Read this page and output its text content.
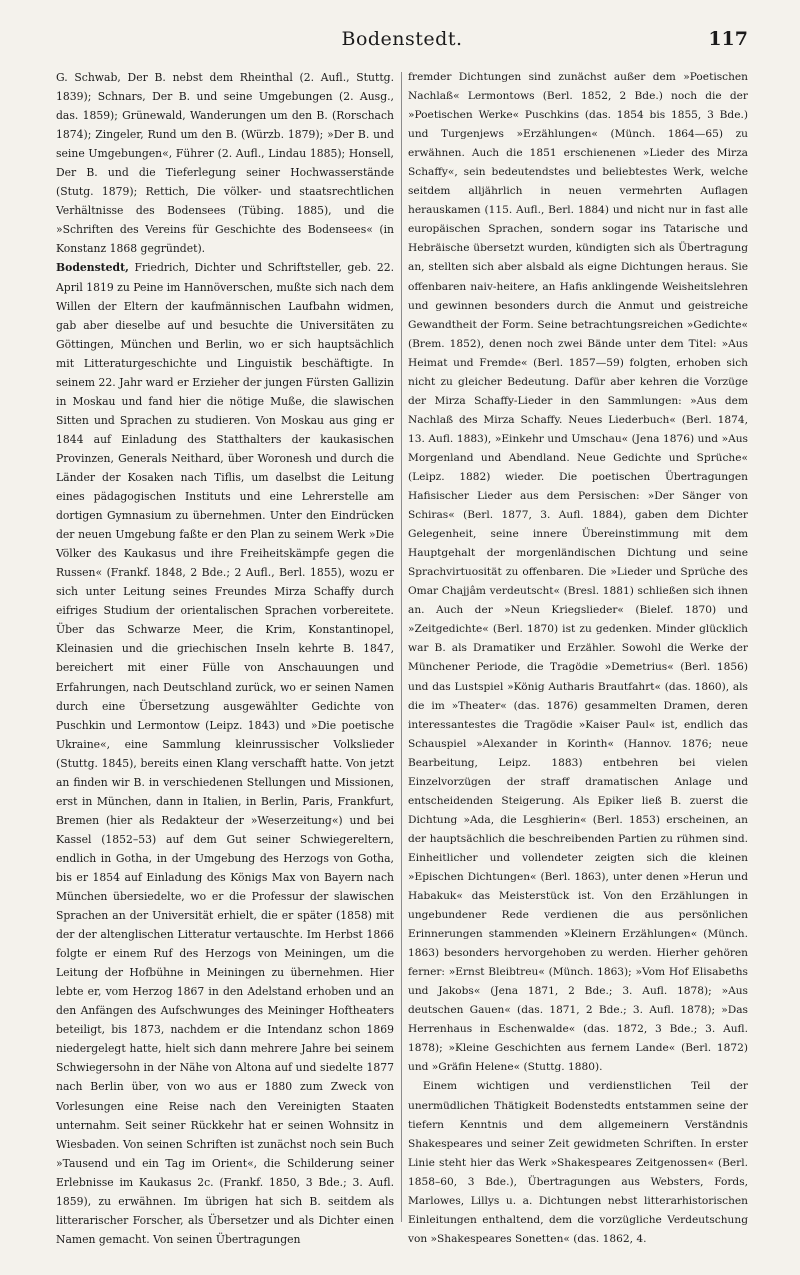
Bodenstedt.	117

G. Schwab, Der B. nebst dem Rheinthal (2. Aufl., Stuttg. 1839); Schnars, Der B. und seine Umgebungen (2. Ausg., das. 1859); Grünewald, Wanderungen um den B. (Rorschach 1874); Zingeler, Rund um den B. (Würzb. 1879); »Der B. und seine Umgebungen«, Führer (2. Aufl., Lindau 1885); Honsell, Der B. und die Tieferlegung seiner Hochwasserstände (Stutg. 1879); Rettich, Die völker- und staatsrechtlichen Verhältnisse des Bodensees (Tübing. 1885), und die »Schriften des Vereins für Geschichte des Bodensees« (in Konstanz 1868 gegründet).

Bodenstedt, Friedrich, Dichter und Schriftsteller, geb. 22. April 1819 zu Peine im Hannöverschen, mußte sich nach dem Willen der Eltern der kaufmännischen Laufbahn widmen, gab aber dieselbe auf und besuchte die Universitäten zu Göttingen, München und Berlin, wo er sich hauptsächlich mit Litteraturgeschichte und Linguistik beschäftigte. In seinem 22. Jahr ward er Erzieher der jungen Fürsten Gallizin in Moskau und fand hier die nötige Muße, die slawischen Sitten und Sprachen zu studieren. Von Moskau aus ging er 1844 auf Einladung des Statthalters der kaukasischen Provinzen, Generals Neithard, über Woronesh und durch die Länder der Kosaken nach Tiflis, um daselbst die Leitung eines pädagogischen Instituts und eine Lehrerstelle am dortigen Gymnasium zu übernehmen. Unter den Eindrücken der neuen Umgebung faßte er den Plan zu seinem Werk »Die Völker des Kaukasus und ihre Freiheitskämpfe gegen die Russen« (Frankf. 1848, 2 Bde.; 2 Aufl., Berl. 1855), wozu er sich unter Leitung seines Freundes Mirza Schaffy durch eifriges Studium der orientalischen Sprachen vorbereitete. Über das Schwarze Meer, die Krim, Konstantinopel, Kleinasien und die griechischen Inseln kehrte B. 1847, bereichert mit einer Fülle von Anschauungen und Erfahrungen, nach Deutschland zurück, wo er seinen Namen durch eine Übersetzung ausgewählter Gedichte von Puschkin und Lermontow (Leipz. 1843) und »Die poetische Ukraine«, eine Sammlung kleinrussischer Volkslieder (Stuttg. 1845), bereits einen Klang verschafft hatte. Von jetzt an finden wir B. in verschiedenen Stellungen und Missionen, erst in München, dann in Italien, in Berlin, Paris, Frankfurt, Bremen (hier als Redakteur der »Weserzeitung«) und bei Kassel (1852–53) auf dem Gut seiner Schwiegereltern, endlich in Gotha, in der Umgebung des Herzogs von Gotha, bis er 1854 auf Einladung des Königs Max von Bayern nach München übersiedelte, wo er die Professur der slawischen Sprachen an der Universität erhielt, die er später (1858) mit der der altenglischen Litteratur vertauschte. Im Herbst 1866 folgte er einem Ruf des Herzogs von Meiningen, um die Leitung der Hofbühne in Meiningen zu übernehmen. Hier lebte er, vom Herzog 1867 in den Adelstand erhoben und an den Anfängen des Aufschwunges des Meininger Hoftheaters beteiligt, bis 1873, nachdem er die Intendanz schon 1869 niedergelegt hatte, hielt sich dann mehrere Jahre bei seinem Schwiegersohn in der Nähe von Altona auf und siedelte 1877 nach Berlin über, von wo aus er 1880 zum Zweck von Vorlesungen eine Reise nach den Vereinigten Staaten unternahm. Seit seiner Rückkehr hat er seinen Wohnsitz in Wiesbaden. Von seinen Schriften ist zunächst noch sein Buch »Tausend und ein Tag im Orient«, die Schilderung seiner Erlebnisse im Kaukasus 2c. (Frankf. 1850, 3 Bde.; 3. Aufl. 1859), zu erwähnen. Im übrigen hat sich B. seitdem als litterarischer Forscher, als Übersetzer und als Dichter einen Namen gemacht. Von seinen Übertragungen

fremder Dichtungen sind zunächst außer dem »Poetischen Nachlaß« Lermontows (Berl. 1852, 2 Bde.) noch die der »Poetischen Werke« Puschkins (das. 1854 bis 1855, 3 Bde.) und Turgenjews »Erzählungen« (Münch. 1864—65) zu erwähnen. Auch die 1851 erschienenen »Lieder des Mirza Schaffy«, sein bedeutendstes und beliebtestes Werk, welche seitdem alljährlich in neuen vermehrten Auflagen herauskamen (115. Aufl., Berl. 1884) und nicht nur in fast alle europäischen Sprachen, sondern sogar ins Tatarische und Hebräische übersetzt wurden, kündigten sich als Übertragung an, stellten sich aber alsbald als eigne Dichtungen heraus. Sie offenbaren naiv-heitere, an Hafis anklingende Weisheitslehren und gewinnen besonders durch die Anmut und geistreiche Gewandtheit der Form. Seine betrachtungsreichen »Gedichte« (Brem. 1852), denen noch zwei Bände unter dem Titel: »Aus Heimat und Fremde« (Berl. 1857—59) folgten, erhoben sich nicht zu gleicher Bedeutung. Dafür aber kehren die Vorzüge der Mirza Schaffy-Lieder in den Sammlungen: »Aus dem Nachlaß des Mirza Schaffy. Neues Liederbuch« (Berl. 1874, 13. Aufl. 1883), »Einkehr und Umschau« (Jena 1876) und »Aus Morgenland und Abendland. Neue Gedichte und Sprüche« (Leipz. 1882) wieder. Die poetischen Übertragungen Hafisischer Lieder aus dem Persischen: »Der Sänger von Schiras« (Berl. 1877, 3. Aufl. 1884), gaben dem Dichter Gelegenheit, seine innere Übereinstimmung mit dem Hauptgehalt der morgenländischen Dichtung und seine Sprachvirtuosität zu offenbaren. Die »Lieder und Sprüche des Omar Chajjâm verdeutscht« (Bresl. 1881) schließen sich ihnen an. Auch der »Neun Kriegslieder« (Bielef. 1870) und »Zeitgedichte« (Berl. 1870) ist zu gedenken. Minder glücklich war B. als Dramatiker und Erzähler. Sowohl die Werke der Münchener Periode, die Tragödie »Demetrius« (Berl. 1856) und das Lustspiel »König Autharis Brautfahrt« (das. 1860), als die im »Theater« (das. 1876) gesammelten Dramen, deren interessantestes die Tragödie »Kaiser Paul« ist, endlich das Schauspiel »Alexander in Korinth« (Hannov. 1876; neue Bearbeitung, Leipz. 1883) entbehren bei vielen Einzelvorzügen der straff dramatischen Anlage und entscheidenden Steigerung. Als Epiker ließ B. zuerst die Dichtung »Ada, die Lesghierin« (Berl. 1853) erscheinen, an der hauptsächlich die beschreibenden Partien zu rühmen sind. Einheitlicher und vollendeter zeigten sich die kleinen »Epischen Dichtungen« (Berl. 1863), unter denen »Herun und Habakuk« das Meisterstück ist. Von den Erzählungen in ungebundener Rede verdienen die aus persönlichen Erinnerungen stammenden »Kleinern Erzählungen« (Münch. 1863) besonders hervorgehoben zu werden. Hierher gehören ferner: »Ernst Bleibtreu« (Münch. 1863); »Vom Hof Elisabeths und Jakobs« (Jena 1871, 2 Bde.; 3. Aufl. 1878); »Aus deutschen Gauen« (das. 1871, 2 Bde.; 3. Aufl. 1878); »Das Herrenhaus in Eschenwalde« (das. 1872, 3 Bde.; 3. Aufl. 1878); »Kleine Geschichten aus fernem Lande« (Berl. 1872) und »Gräfin Helene« (Stuttg. 1880).

Einem wichtigen und verdienstlichen Teil der unermüdlichen Thätigkeit Bodenstedts entstammen seine der tiefern Kenntnis und dem allgemeinern Verständnis Shakespeares und seiner Zeit gewidmeten Schriften. In erster Linie steht hier das Werk »Shakespeares Zeitgenossen« (Berl. 1858–60, 3 Bde.), Übertragungen aus Websters, Fords, Marlowes, Lillys u. a. Dichtungen nebst litterarhistorischen Einleitungen enthaltend, dem die vorzügliche Verdeutschung von »Shakespeares Sonetten« (das. 1862, 4.
